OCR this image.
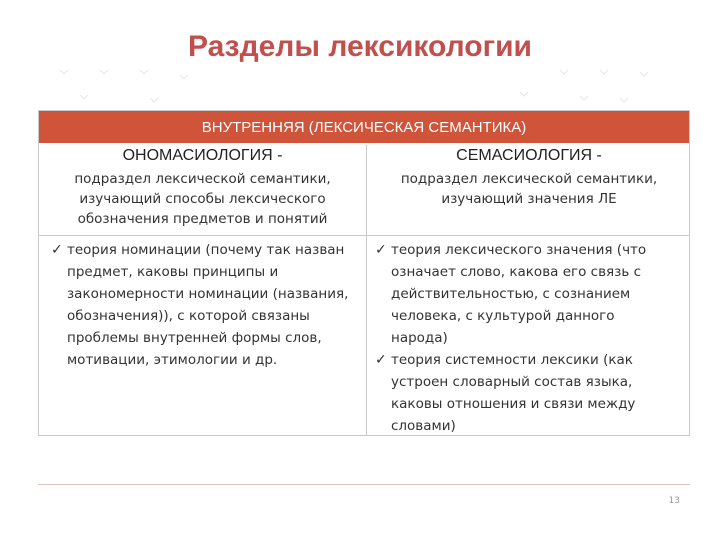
Разделы лексикологии
ВНУТРЕННЯЯ (ЛЕКСИЧЕСКАЯ СЕМАНТИКА)
ОНОМАСИОЛОГИЯ -
подраздел лексической семантики, изучающий способы лексического обозначения предметов и понятий
СЕМАСИОЛОГИЯ -
подраздел лексической семантики, изучающий значения ЛЕ
✓ теория номинации (почему так назван предмет, каковы принципы и закономерности номинации (названия, обозначения)), с которой связаны проблемы внутренней формы слов, мотивации, этимологии и др.
✓ теория лексического значения (что означает слово, какова его связь с действительностью, с сознанием человека, с культурой данного народа)
✓ теория системности лексики (как устроен словарный состав языка, каковы отношения и связи между словами)
13
